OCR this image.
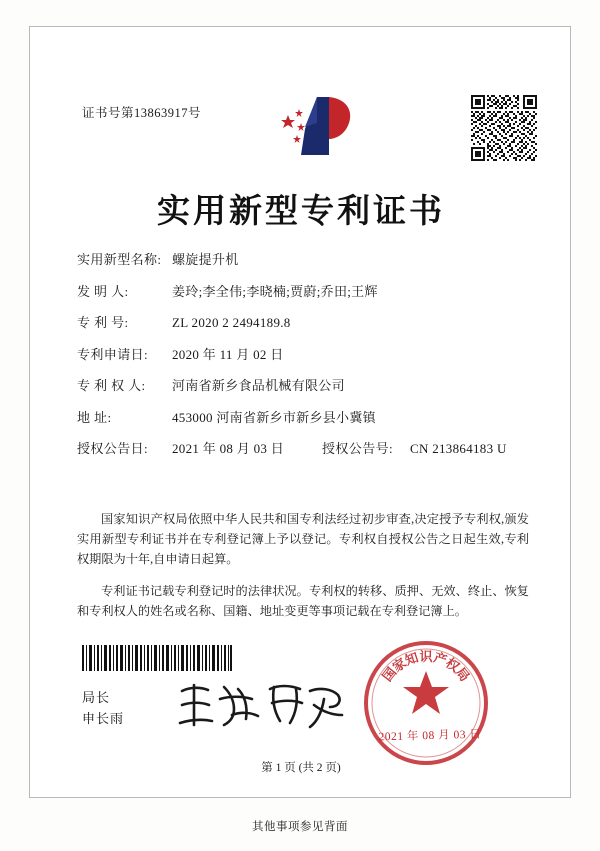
证书号第13863917号
实用新型专利证书
实用新型名称: 螺旋提升机
发 明 人:	姜玲;李全伟;李晓楠;贾蔚;乔田;王辉
专 利 号:	ZL 2020 2 2494189.8
专利申请日:	2020 年 11 月 02 日
专 利 权 人:	河南省新乡食品机械有限公司
地 址:	453000 河南省新乡市新乡县小冀镇
授权公告日:	2021 年 08 月 03 日	授权公告号:	CN 213864183 U

国家知识产权局依照中华人民共和国专利法经过初步审查,决定授予专利权,颁发实用新型专利证书并在专利登记簿上予以登记。专利权自授权公告之日起生效,专利权期限为十年,自申请日起算。

专利证书记载专利登记时的法律状况。专利权的转移、质押、无效、终止、恢复和专利权人的姓名或名称、国籍、地址变更等事项记载在专利登记簿上。

局长
申长雨
国
家
知 识 产
权
局
2021 年 08 月 03 日
第 1 页 (共 2 页)
其他事项参见背面
